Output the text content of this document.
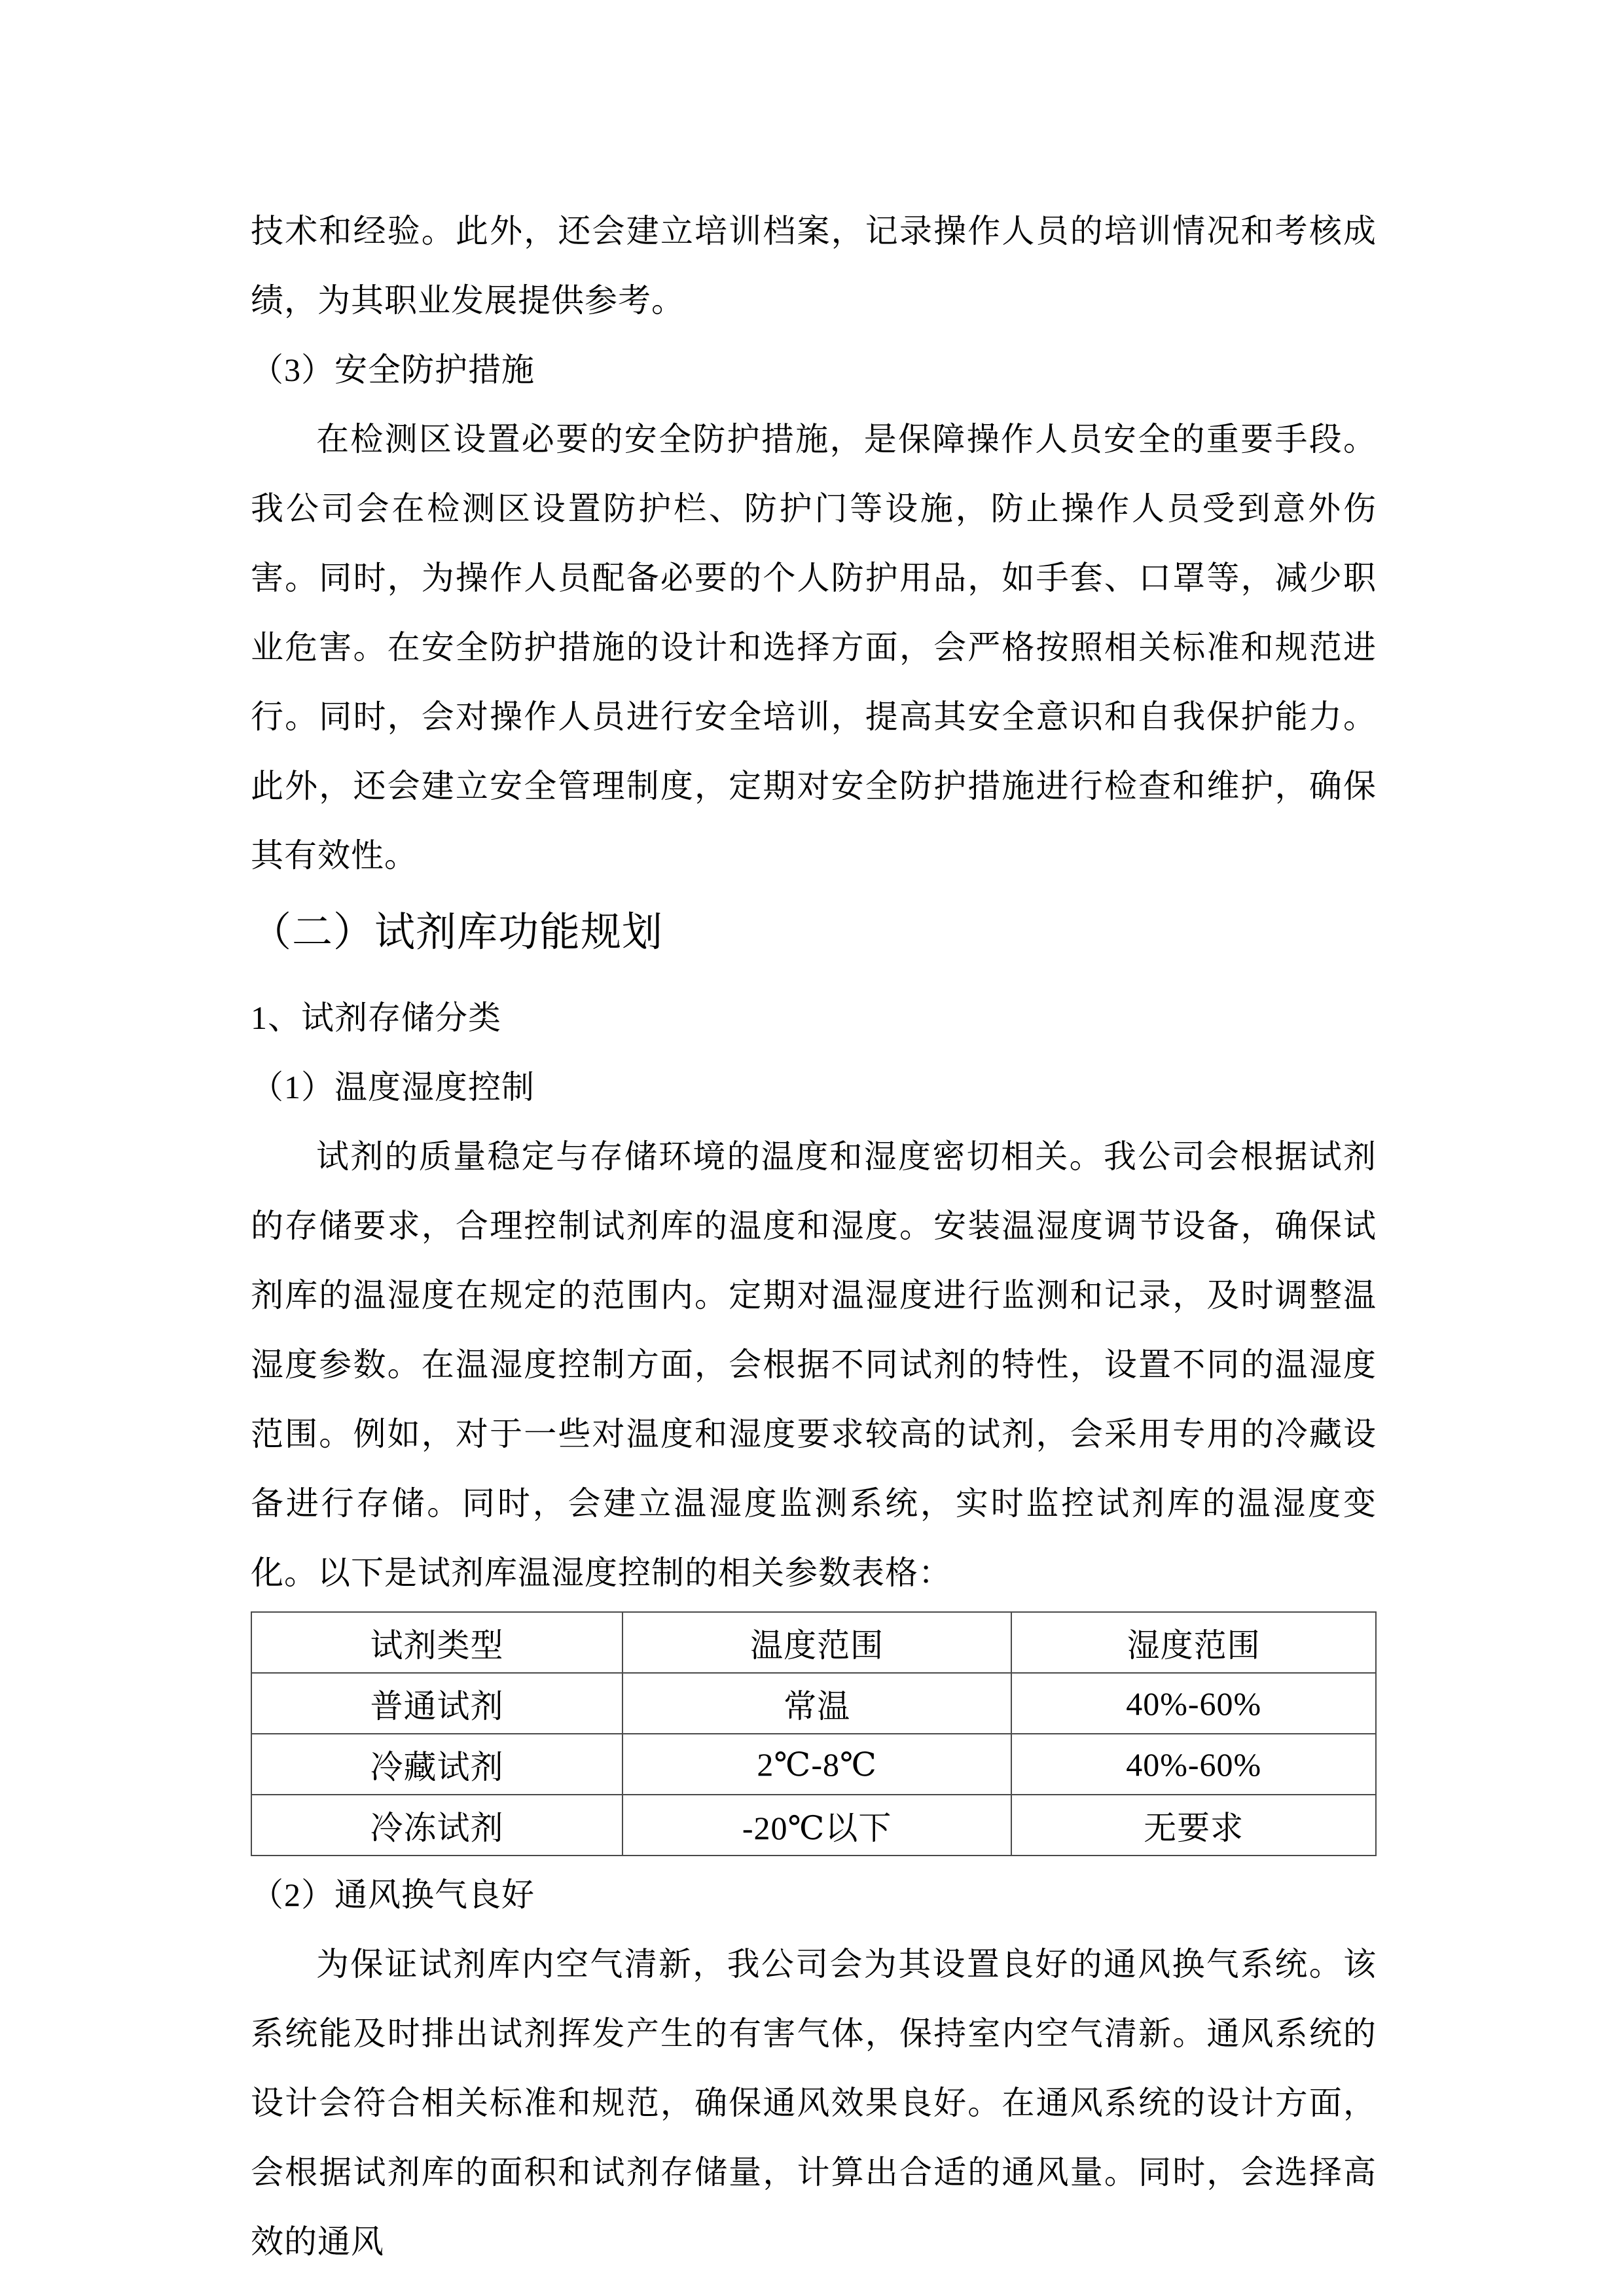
技术和经验。此外，还会建立培训档案，记录操作人员的培训情况和考核成绩，为其职业发展提供参考。

（3）安全防护措施

在检测区设置必要的安全防护措施，是保障操作人员安全的重要手段。我公司会在检测区设置防护栏、防护门等设施，防止操作人员受到意外伤害。同时，为操作人员配备必要的个人防护用品，如手套、口罩等，减少职业危害。在安全防护措施的设计和选择方面，会严格按照相关标准和规范进行。同时，会对操作人员进行安全培训，提高其安全意识和自我保护能力。此外，还会建立安全管理制度，定期对安全防护措施进行检查和维护，确保其有效性。

（二）试剂库功能规划

1、试剂存储分类

（1）温度湿度控制

试剂的质量稳定与存储环境的温度和湿度密切相关。我公司会根据试剂的存储要求，合理控制试剂库的温度和湿度。安装温湿度调节设备，确保试剂库的温湿度在规定的范围内。定期对温湿度进行监测和记录，及时调整温湿度参数。在温湿度控制方面，会根据不同试剂的特性，设置不同的温湿度范围。例如，对于一些对温度和湿度要求较高的试剂，会采用专用的冷藏设备进行存储。同时，会建立温湿度监测系统，实时监控试剂库的温湿度变化。以下是试剂库温湿度控制的相关参数表格：

试剂类型	温度范围	湿度范围
普通试剂	常温	40%-60%
冷藏试剂	2℃-8℃	40%-60%
冷冻试剂	-20℃以下	无要求

（2）通风换气良好

为保证试剂库内空气清新，我公司会为其设置良好的通风换气系统。该系统能及时排出试剂挥发产生的有害气体，保持室内空气清新。通风系统的设计会符合相关标准和规范，确保通风效果良好。在通风系统的设计方面，会根据试剂库的面积和试剂存储量，计算出合适的通风量。同时，会选择高效的通风
